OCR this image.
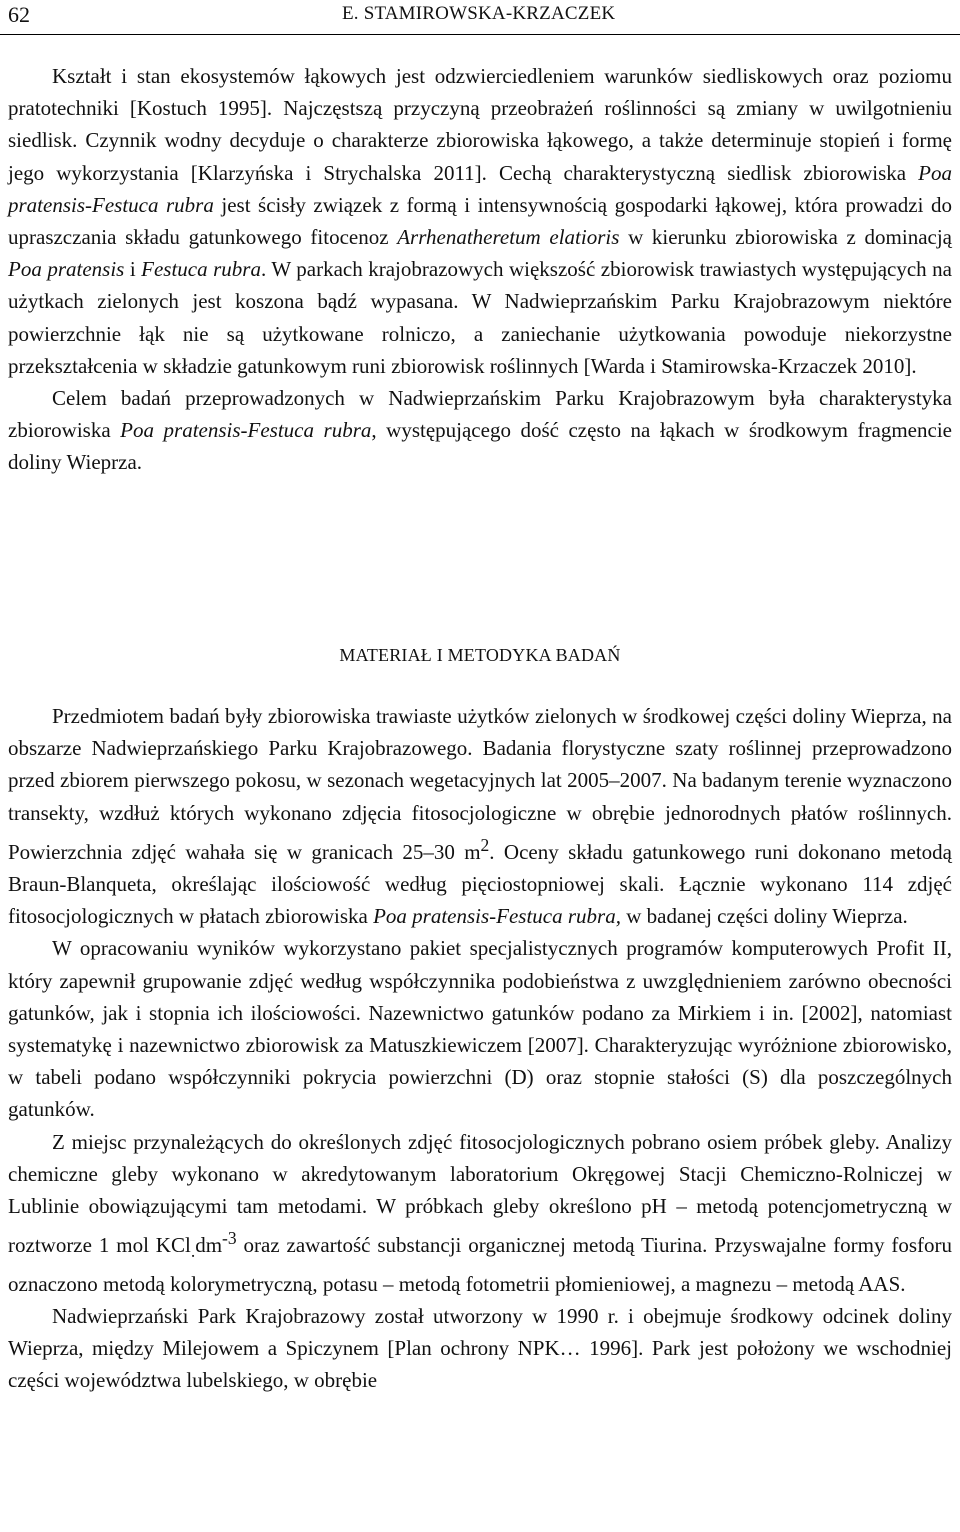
62	E. STAMIROWSKA-KRZACZEK

Kształt i stan ekosystemów łąkowych jest odzwierciedleniem warunków siedliskowych oraz poziomu pratotechniki [Kostuch 1995]. Najczęstszą przyczyną przeobrażeń roślinności są zmiany w uwilgotnieniu siedlisk. Czynnik wodny decyduje o charakterze zbiorowiska łąkowego, a także determinuje stopień i formę jego wykorzystania [Klarzyńska i Strychalska 2011]. Cechą charakterystyczną siedlisk zbiorowiska Poa pratensis-Festuca rubra jest ścisły związek z formą i intensywnością gospodarki łąkowej, która prowadzi do upraszczania składu gatunkowego fitocenoz Arrhenatheretum elatioris w kierunku zbiorowiska z dominacją Poa pratensis i Festuca rubra. W parkach krajobrazowych większość zbiorowisk trawiastych występujących na użytkach zielonych jest koszona bądź wypasana. W Nadwieprzańskim Parku Krajobrazowym niektóre powierzchnie łąk nie są użytkowane rolniczo, a zaniechanie użytkowania powoduje niekorzystne przekształcenia w składzie gatunkowym runi zbiorowisk roślinnych [Warda i Stamirowska-Krzaczek 2010].

Celem badań przeprowadzonych w Nadwieprzańskim Parku Krajobrazowym była charakterystyka zbiorowiska Poa pratensis-Festuca rubra, występującego dość często na łąkach w środkowym fragmencie doliny Wieprza.

MATERIAŁ I METODYKA BADAŃ

Przedmiotem badań były zbiorowiska trawiaste użytków zielonych w środkowej części doliny Wieprza, na obszarze Nadwieprzańskiego Parku Krajobrazowego. Badania florystyczne szaty roślinnej przeprowadzono przed zbiorem pierwszego pokosu, w sezonach wegetacyjnych lat 2005–2007. Na badanym terenie wyznaczono transekty, wzdłuż których wykonano zdjęcia fitosocjologiczne w obrębie jednorodnych płatów roślinnych. Powierzchnia zdjęć wahała się w granicach 25–30 $m^2$. Oceny składu gatunkowego runi dokonano metodą Braun-Blanqueta, określając ilościowość według pięciostopniowej skali. Łącznie wykonano 114 zdjęć fitosocjologicznych w płatach zbiorowiska Poa pratensis-Festuca rubra, w badanej części doliny Wieprza.

W opracowaniu wyników wykorzystano pakiet specjalistycznych programów komputerowych Profit II, który zapewnił grupowanie zdjęć według współczynnika podobieństwa z uwzględnieniem zarówno obecności gatunków, jak i stopnia ich ilościowości. Nazewnictwo gatunków podano za Mirkiem i in. [2002], natomiast systematykę i nazewnictwo zbiorowisk za Matuszkiewiczem [2007]. Charakteryzując wyróżnione zbiorowisko, w tabeli podano współczynniki pokrycia powierzchni (D) oraz stopnie stałości (S) dla poszczególnych gatunków.

Z miejsc przynależących do określonych zdjęć fitosocjologicznych pobrano osiem próbek gleby. Analizy chemiczne gleby wykonano w akredytowanym laboratorium Okręgowej Stacji Chemiczno-Rolniczej w Lublinie obowiązującymi tam metodami. W próbkach gleby określono pH – metodą potencjometryczną w roztworze 1 mol $KCl_.dm^{-3}$ oraz zawartość substancji organicznej metodą Tiurina. Przyswajalne formy fosforu oznaczono metodą kolorymetryczną, potasu – metodą fotometrii płomieniowej, a magnezu – metodą AAS.

Nadwieprzański Park Krajobrazowy został utworzony w 1990 r. i obejmuje środkowy odcinek doliny Wieprza, między Milejowem a Spiczynem [Plan ochrony NPK… 1996]. Park jest położony we wschodniej części województwa lubelskiego, w obrębie
